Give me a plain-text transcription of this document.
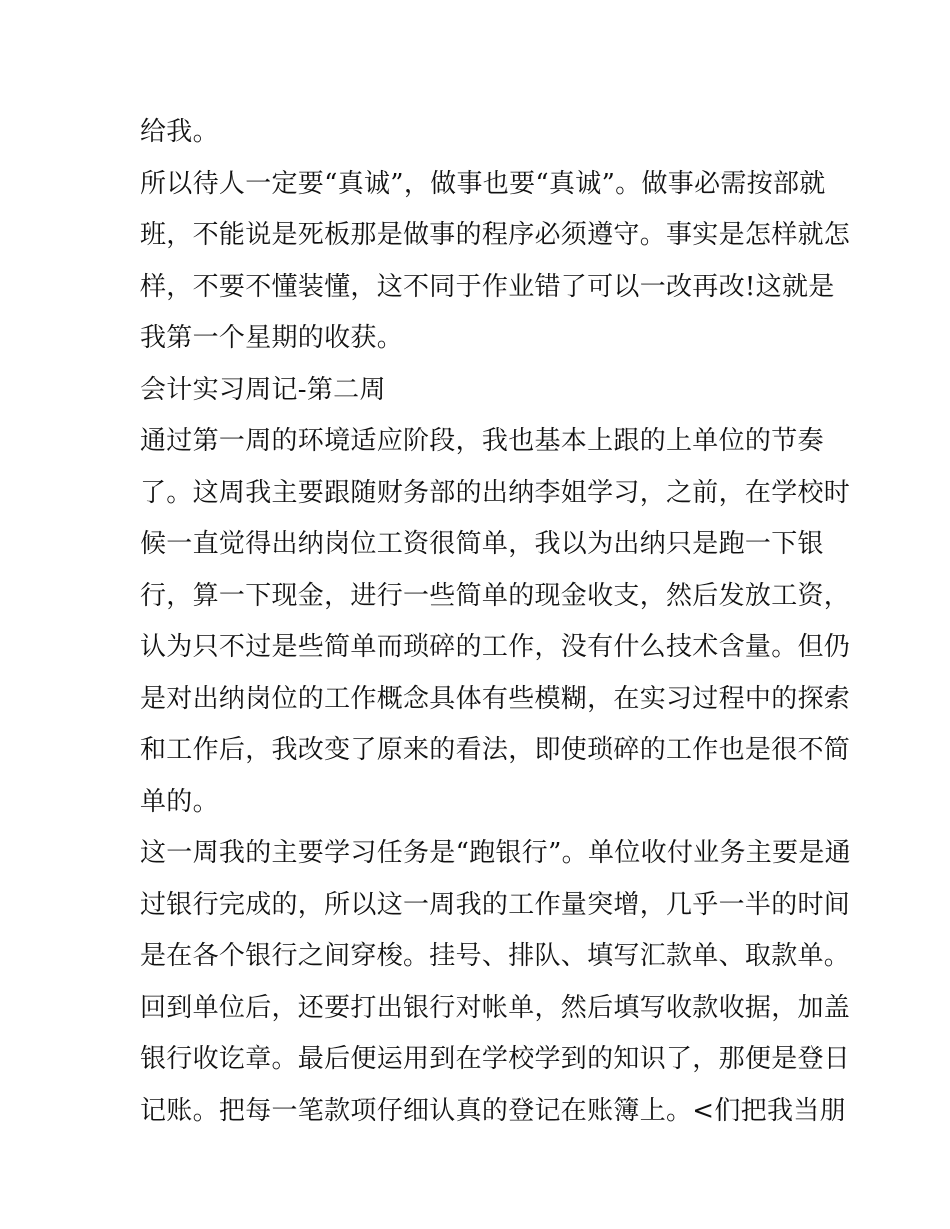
给我。
所以待人一定要“真诚”，做事也要“真诚”。做事必需按部就
班，不能说是死板那是做事的程序必须遵守。事实是怎样就怎
样，不要不懂装懂，这不同于作业错了可以一改再改!这就是
我第一个星期的收获。
会计实习周记-第二周
通过第一周的环境适应阶段，我也基本上跟的上单位的节奏
了。这周我主要跟随财务部的出纳李姐学习，之前，在学校时
候一直觉得出纳岗位工资很简单，我以为出纳只是跑一下银
行，算一下现金，进行一些简单的现金收支，然后发放工资，
认为只不过是些简单而琐碎的工作，没有什么技术含量。但仍
是对出纳岗位的工作概念具体有些模糊，在实习过程中的探索
和工作后，我改变了原来的看法，即使琐碎的工作也是很不简
单的。
这一周我的主要学习任务是“跑银行”。单位收付业务主要是通
过银行完成的，所以这一周我的工作量突增，几乎一半的时间
是在各个银行之间穿梭。挂号、排队、填写汇款单、取款单。
回到单位后，还要打出银行对帐单，然后填写收款收据，加盖
银行收讫章。最后便运用到在学校学到的知识了，那便是登日
记账。把每一笔款项仔细认真的登记在账簿上。<们把我当朋
